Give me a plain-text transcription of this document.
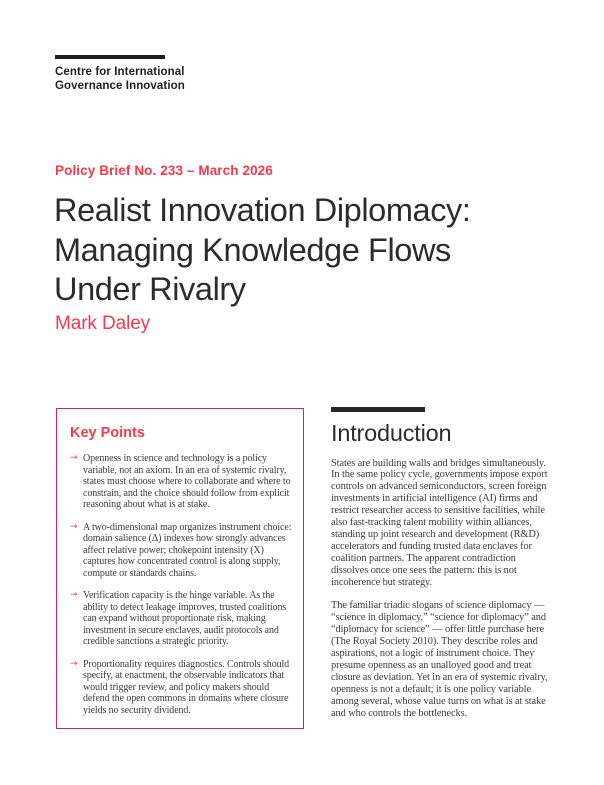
Centre for International
Governance Innovation
Policy Brief No. 233 – March 2026
Realist Innovation Diplomacy:
Managing Knowledge Flows
Under Rivalry
Mark Daley
Key Points
→ Openness in science and technology is a policy variable, not an axiom. In an era of systemic rivalry, states must choose where to collaborate and where to constrain, and the choice should follow from explicit reasoning about what is at stake.
→ A two-dimensional map organizes instrument choice: domain salience (Δ) indexes how strongly advances affect relative power; chokepoint intensity (Χ) captures how concentrated control is along supply, compute or standards chains.
→ Verification capacity is the hinge variable. As the ability to detect leakage improves, trusted coalitions can expand without proportionate risk, making investment in secure enclaves, audit protocols and credible sanctions a strategic priority.
→ Proportionality requires diagnostics. Controls should specify, at enactment, the observable indicators that would trigger review, and policy makers should defend the open commons in domains where closure yields no security dividend.
Introduction

States are building walls and bridges simultaneously. In the same policy cycle, governments impose export controls on advanced semiconductors, screen foreign investments in artificial intelligence (AI) firms and restrict researcher access to sensitive facilities, while also fast-tracking talent mobility within alliances, standing up joint research and development (R&D) accelerators and funding trusted data enclaves for coalition partners. The apparent contradiction dissolves once one sees the pattern: this is not incoherence but strategy.

The familiar triadic slogans of science diplomacy — “science in diplomacy,” “science for diplomacy” and “diplomacy for science” — offer little purchase here (The Royal Society 2010). They describe roles and aspirations, not a logic of instrument choice. They presume openness as an unalloyed good and treat closure as deviation. Yet in an era of systemic rivalry, openness is not a default; it is one policy variable among several, whose value turns on what is at stake and who controls the bottlenecks.
